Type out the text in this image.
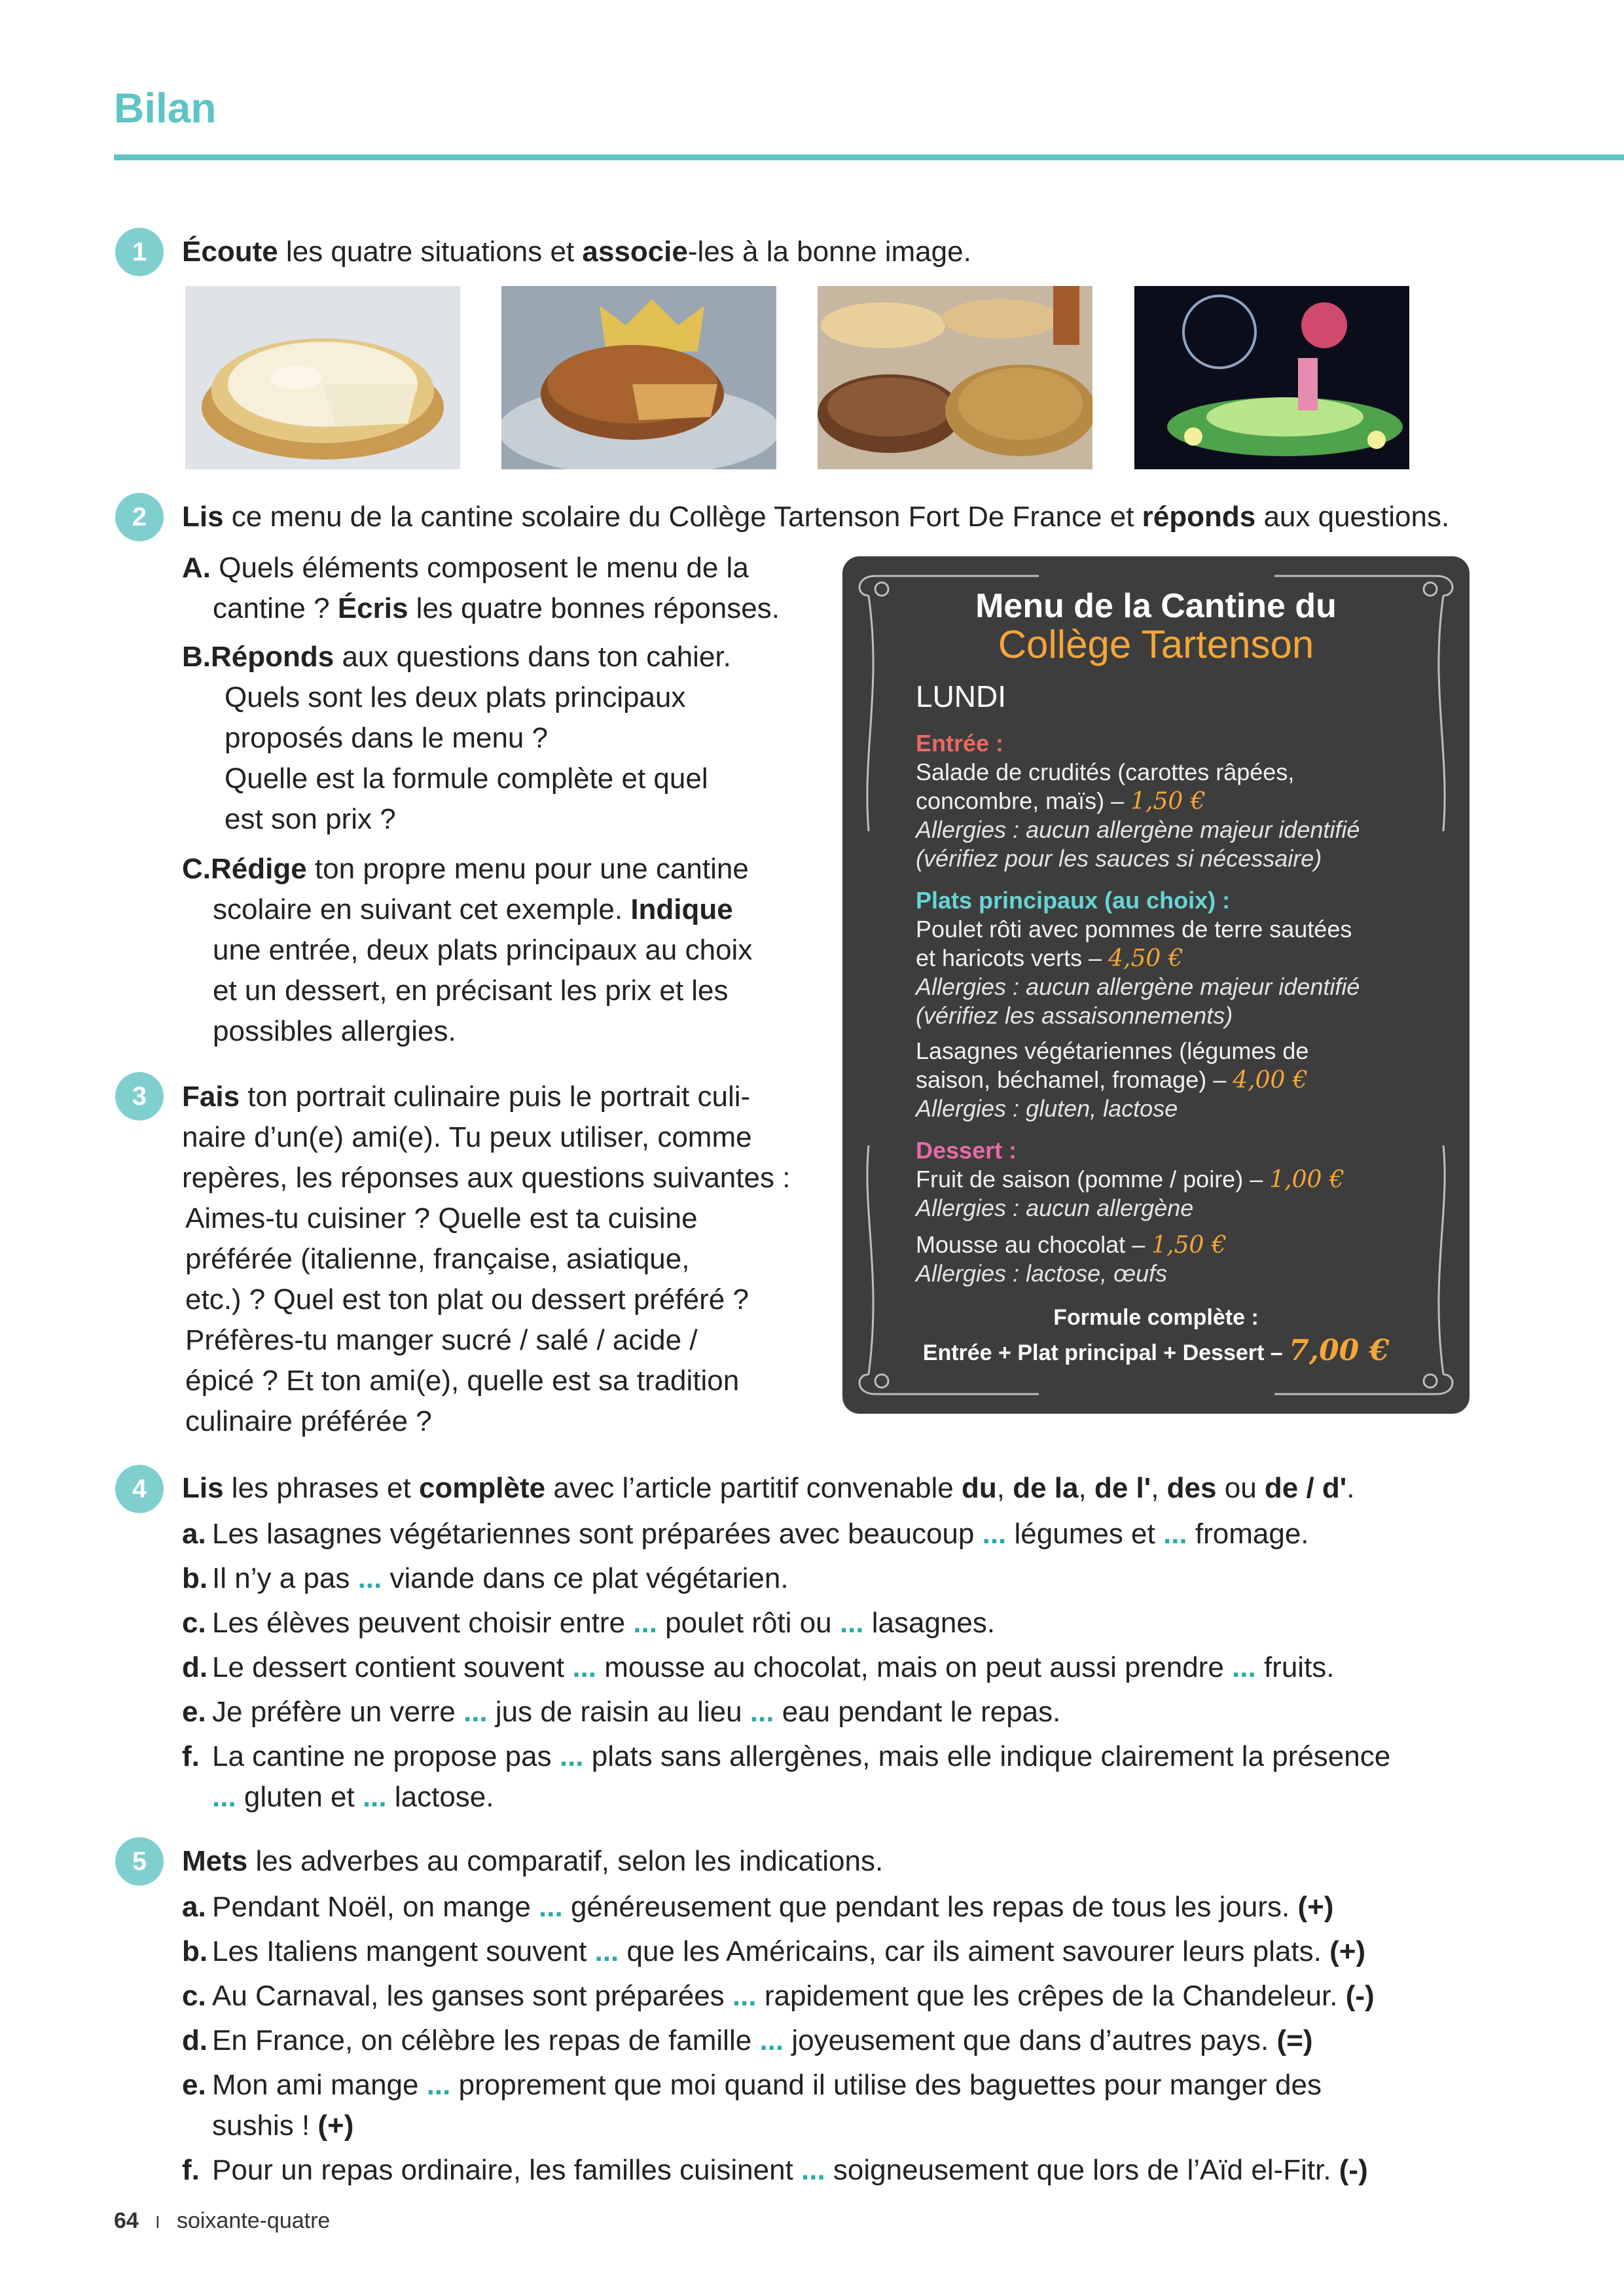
Bilan
1	Écoute les quatre situations et associe-les à la bonne image.
2	Lis ce menu de la cantine scolaire du Collège Tartenson Fort De France et réponds aux questions.
A. Quels éléments composent le menu de la
cantine ? Écris les quatre bonnes réponses.
B.Réponds aux questions dans ton cahier.
Quels sont les deux plats principaux
proposés dans le menu ?
Quelle est la formule complète et quel
est son prix ?
C.Rédige ton propre menu pour une cantine
scolaire en suivant cet exemple. Indique
une entrée, deux plats principaux au choix
et un dessert, en précisant les prix et les
possibles allergies.
3	Fais ton portrait culinaire puis le portrait culi-
naire d’un(e) ami(e). Tu peux utiliser, comme
repères, les réponses aux questions suivantes :
Aimes-tu cuisiner ? Quelle est ta cuisine
préférée (italienne, française, asiatique,
etc.) ? Quel est ton plat ou dessert préféré ?
Préfères-tu manger sucré / salé / acide /
épicé ? Et ton ami(e), quelle est sa tradition
culinaire préférée ?
Menu de la Cantine du
Collège Tartenson
LUNDI
Entrée :
Salade de crudités (carottes râpées,
concombre, maïs) – 1,50 €
Allergies : aucun allergène majeur identifié
(vérifiez pour les sauces si nécessaire)
Plats principaux (au choix) :
Poulet rôti avec pommes de terre sautées
et haricots verts – 4,50 €
Allergies : aucun allergène majeur identifié
(vérifiez les assaisonnements)
Lasagnes végétariennes (légumes de
saison, béchamel, fromage) – 4,00 €
Allergies : gluten, lactose
Dessert :
Fruit de saison (pomme / poire) – 1,00 €
Allergies : aucun allergène
Mousse au chocolat – 1,50 €
Allergies : lactose, œufs
Formule complète :
Entrée + Plat principal + Dessert – 7,00 €
4	Lis les phrases et complète avec l’article partitif convenable du, de la, de l', des ou de / d'.
a. Les lasagnes végétariennes sont préparées avec beaucoup ... légumes et ... fromage.
b. Il n’y a pas ... viande dans ce plat végétarien.
c. Les élèves peuvent choisir entre ... poulet rôti ou ... lasagnes.
d. Le dessert contient souvent ... mousse au chocolat, mais on peut aussi prendre ... fruits.
e. Je préfère un verre ... jus de raisin au lieu ... eau pendant le repas.
f. La cantine ne propose pas ... plats sans allergènes, mais elle indique clairement la présence
... gluten et ... lactose.
5	Mets les adverbes au comparatif, selon les indications.
a. Pendant Noël, on mange ... généreusement que pendant les repas de tous les jours. (+)
b. Les Italiens mangent souvent ... que les Américains, car ils aiment savourer leurs plats. (+)
c. Au Carnaval, les ganses sont préparées ... rapidement que les crêpes de la Chandeleur. (-)
d. En France, on célèbre les repas de famille ... joyeusement que dans d’autres pays. (=)
e. Mon ami mange ... proprement que moi quand il utilise des baguettes pour manger des
sushis ! (+)
f. Pour un repas ordinaire, les familles cuisinent ... soigneusement que lors de l’Aïd el-Fitr. (-)
64 I soixante-quatre
